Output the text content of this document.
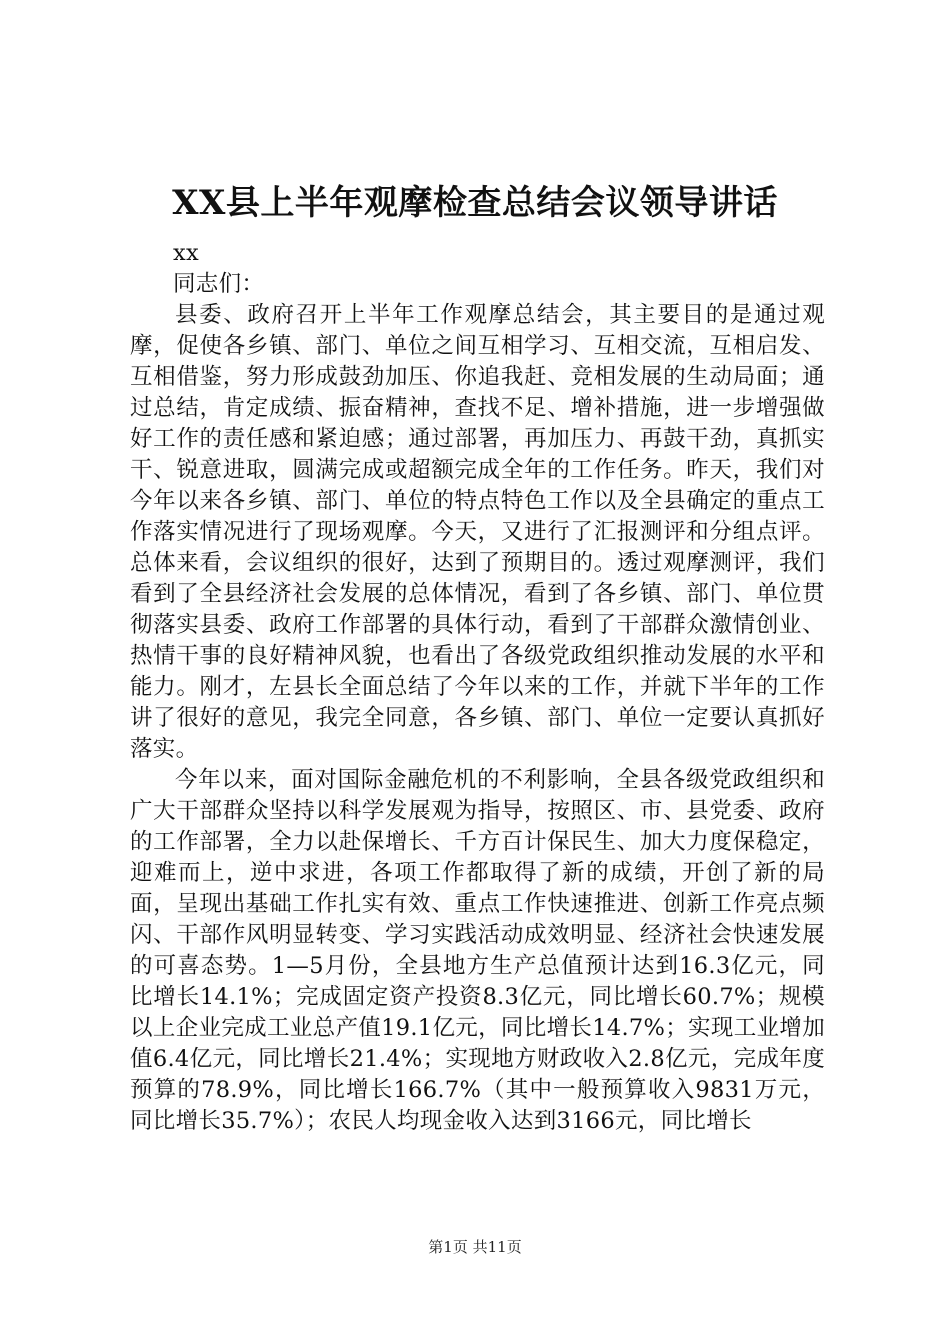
XX县上半年观摩检查总结会议领导讲话

xx

同志们：

县委、政府召开上半年工作观摩总结会，其主要目的是通过观摩，促使各乡镇、部门、单位之间互相学习、互相交流，互相启发、互相借鉴，努力形成鼓劲加压、你追我赶、竞相发展的生动局面；通过总结，肯定成绩、振奋精神，查找不足、增补措施，进一步增强做好工作的责任感和紧迫感；通过部署，再加压力、再鼓干劲，真抓实干、锐意进取，圆满完成或超额完成全年的工作任务。昨天，我们对今年以来各乡镇、部门、单位的特点特色工作以及全县确定的重点工作落实情况进行了现场观摩。今天，又进行了汇报测评和分组点评。总体来看，会议组织的很好，达到了预期目的。透过观摩测评，我们看到了全县经济社会发展的总体情况，看到了各乡镇、部门、单位贯彻落实县委、政府工作部署的具体行动，看到了干部群众激情创业、热情干事的良好精神风貌，也看出了各级党政组织推动发展的水平和能力。刚才，左县长全面总结了今年以来的工作，并就下半年的工作讲了很好的意见，我完全同意，各乡镇、部门、单位一定要认真抓好落实。

今年以来，面对国际金融危机的不利影响，全县各级党政组织和广大干部群众坚持以科学发展观为指导，按照区、市、县党委、政府的工作部署，全力以赴保增长、千方百计保民生、加大力度保稳定，迎难而上，逆中求进，各项工作都取得了新的成绩，开创了新的局面，呈现出基础工作扎实有效、重点工作快速推进、创新工作亮点频闪、干部作风明显转变、学习实践活动成效明显、经济社会快速发展的可喜态势。1—5月份，全县地方生产总值预计达到16.3亿元，同比增长14.1%；完成固定资产投资8.3亿元，同比增长60.7%；规模以上企业完成工业总产值19.1亿元，同比增长14.7%；实现工业增加值6.4亿元，同比增长21.4%；实现地方财政收入2.8亿元，完成年度预算的78.9%，同比增长166.7%（其中一般预算收入9831万元，同比增长35.7%）；农民人均现金收入达到3166元，同比增长

第1页 共11页
